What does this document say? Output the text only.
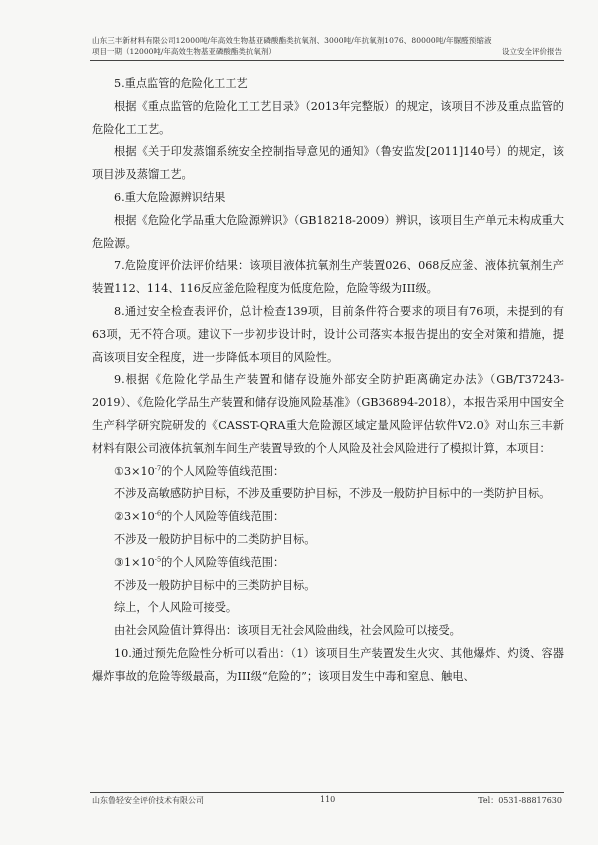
山东三丰新材料有限公司12000吨/年高效生物基亚磷酸酯类抗氧剂、3000吨/年抗氧剂1076、80000吨/年脲醛预缩液
项目一期（12000吨/年高效生物基亚磷酸酯类抗氧剂）	设立安全评价报告

5.重点监管的危险化工工艺

根据《重点监管的危险化工工艺目录》（2013年完整版）的规定，该项目不涉及重点监管的危险化工工艺。

根据《关于印发蒸馏系统安全控制指导意见的通知》（鲁安监发[2011]140号）的规定，该项目涉及蒸馏工艺。

6.重大危险源辨识结果

根据《危险化学品重大危险源辨识》（GB18218-2009）辨识，该项目生产单元未构成重大危险源。

7.危险度评价法评价结果：该项目液体抗氧剂生产装置026、068反应釜、液体抗氧剂生产装置112、114、116反应釜危险程度为低度危险，危险等级为III级。

8.通过安全检查表评价，总计检查139项，目前条件符合要求的项目有76项，未提到的有63项，无不符合项。建议下一步初步设计时，设计公司落实本报告提出的安全对策和措施，提高该项目安全程度，进一步降低本项目的风险性。

9.根据《危险化学品生产装置和储存设施外部安全防护距离确定办法》（GB/T37243-2019）、《危险化学品生产装置和储存设施风险基准》（GB36894-2018），本报告采用中国安全生产科学研究院研发的《CASST-QRA重大危险源区域定量风险评估软件V2.0》对山东三丰新材料有限公司液体抗氧剂车间生产装置导致的个人风险及社会风险进行了模拟计算，本项目：

$①3\times 10^{-7}$的个人风险等值线范围：

不涉及高敏感防护目标，不涉及重要防护目标，不涉及一般防护目标中的一类防护目标。

$②3\times 10^{-6}$的个人风险等值线范围：

不涉及一般防护目标中的二类防护目标。

$③1\times 10^{-5}$的个人风险等值线范围：

不涉及一般防护目标中的三类防护目标。

综上，个人风险可接受。

由社会风险值计算得出：该项目无社会风险曲线，社会风险可以接受。

10.通过预先危险性分析可以看出：（1）该项目生产装置发生火灾、其他爆炸、灼烫、容器爆炸事故的危险等级最高，为III级“危险的”；该项目发生中毒和窒息、触电、

山东鲁轻安全评价技术有限公司	110	Tel：0531-88817630
